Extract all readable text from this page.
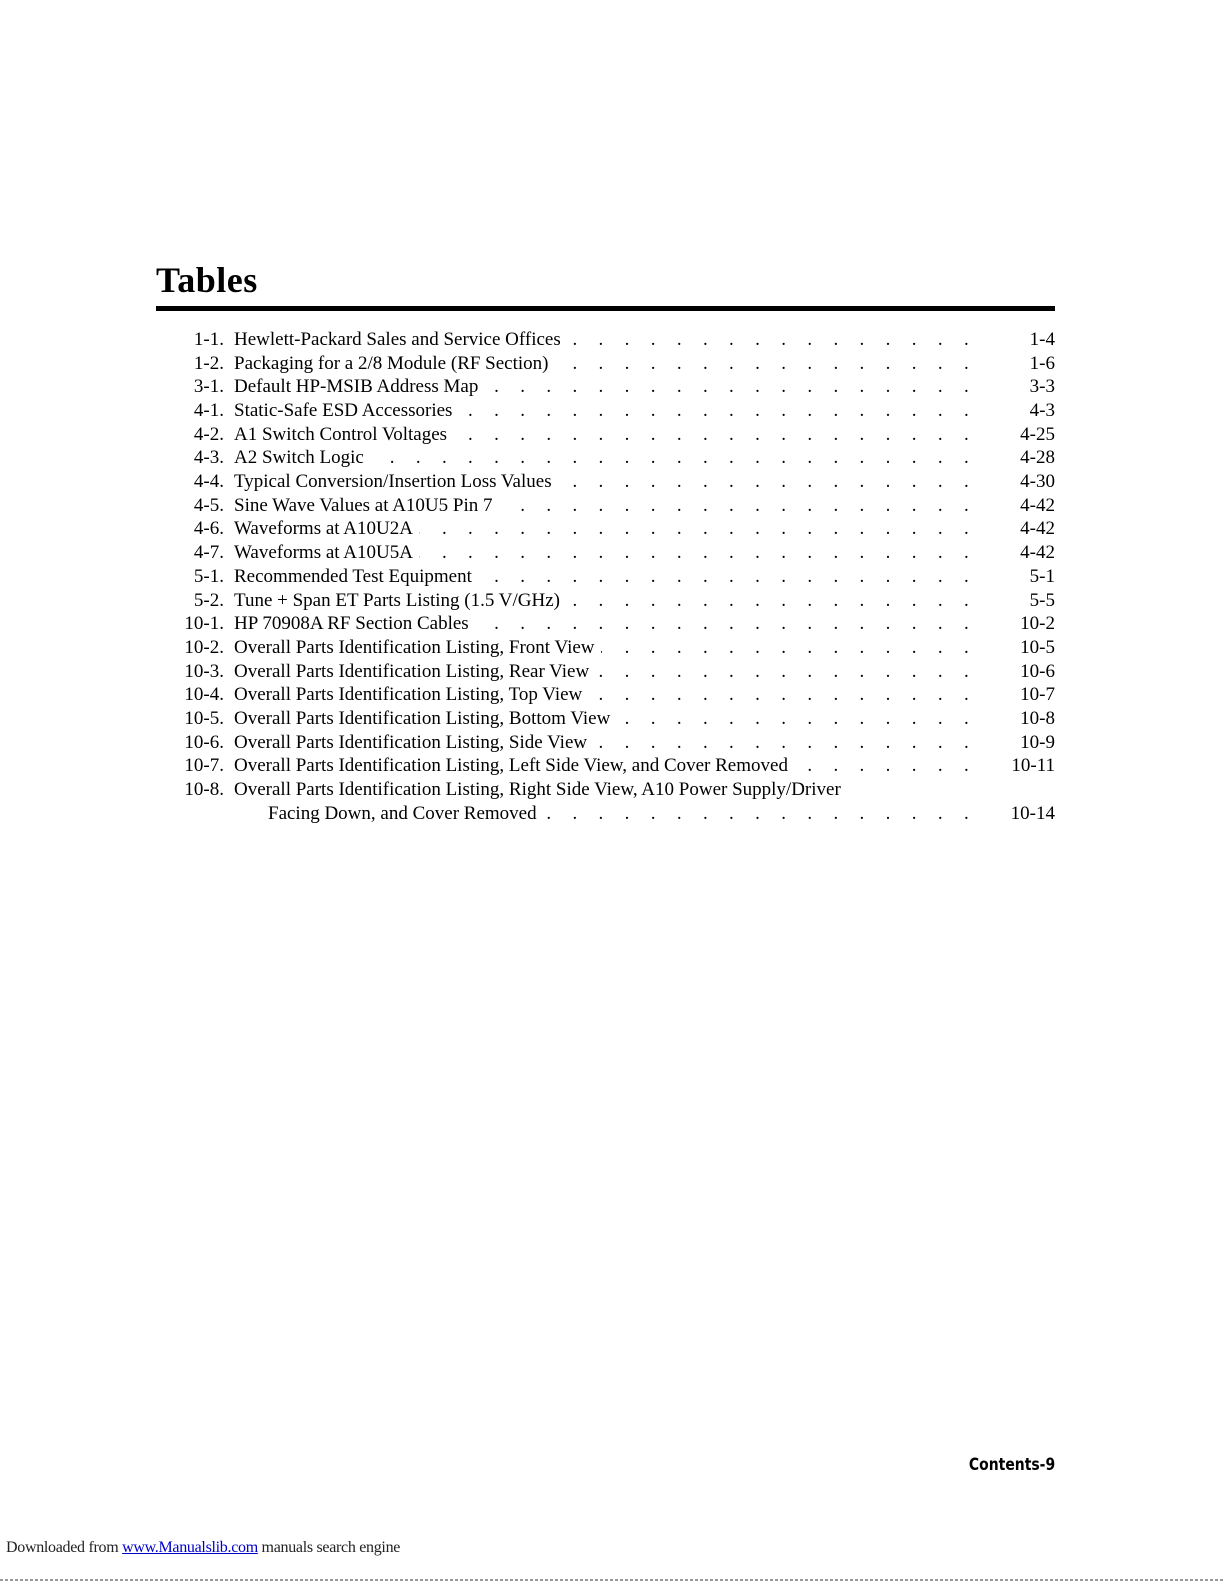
Tables
1-1. Hewlett-Packard Sales and Service Offices . . .	1-4
1-2. Packaging for a 2/8 Module (RF Section) . . .	1-6
3-1. Default HP-MSIB Address Map . . .	3-3
4-1. Static-Safe ESD Accessories . . .	4-3
4-2. A1 Switch Control Voltages . . .	4-25
4-3. A2 Switch Logic . . .	4-28
4-4. Typical Conversion/Insertion Loss Values . . .	4-30
4-5. Sine Wave Values at A10U5 Pin 7 . . .	4-42
4-6. Waveforms at A10U2A . . .	4-42
4-7. Waveforms at A10U5A . . .	4-42
5-1. Recommended Test Equipment . . .	5-1
5-2. Tune + Span ET Parts Listing (1.5 V/GHz) . . .	5-5
10-1. HP 70908A RF Section Cables . . .	10-2
10-2. Overall Parts Identification Listing, Front View . . .	10-5
10-3. Overall Parts Identification Listing, Rear View . . .	10-6
10-4. Overall Parts Identification Listing, Top View . . .	10-7
10-5. Overall Parts Identification Listing, Bottom View . . .	10-8
10-6. Overall Parts Identification Listing, Side View . . .	10-9
10-7. Overall Parts Identification Listing, Left Side View, and Cover Removed . . .	10-11
10-8. Overall Parts Identification Listing, Right Side View, A10 Power Supply/Driver
Facing Down, and Cover Removed . . .	10-14
Contents-9
Downloaded from www.Manualslib.com manuals search engine
